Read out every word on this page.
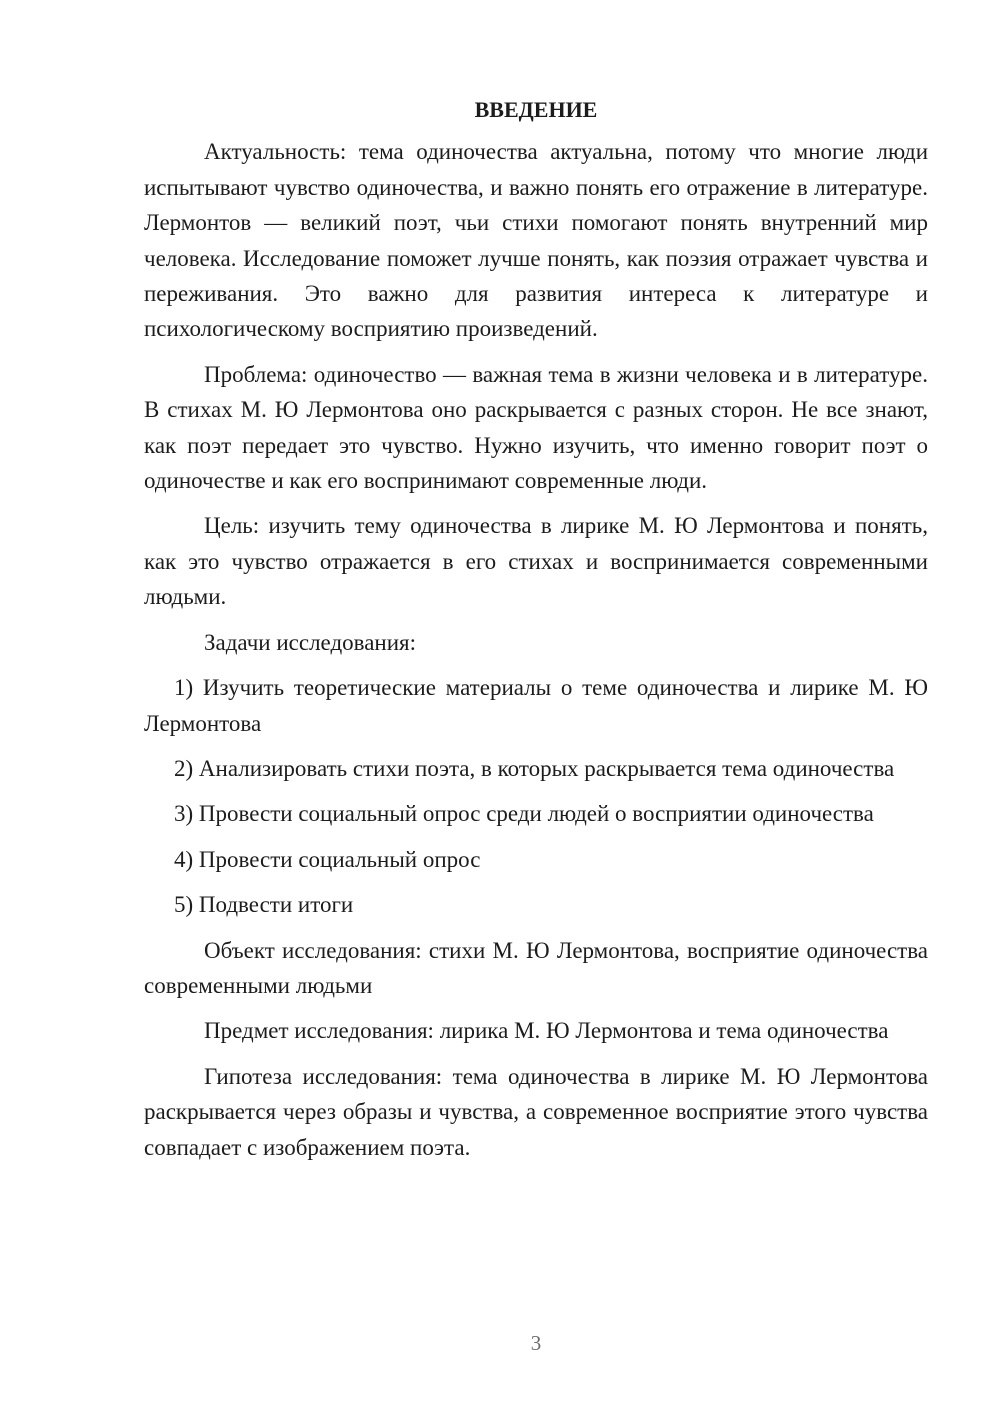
ВВЕДЕНИЕ

Актуальность: тема одиночества актуальна, потому что многие люди испытывают чувство одиночества, и важно понять его отражение в литературе. Лермонтов — великий поэт, чьи стихи помогают понять внутренний мир человека. Исследование поможет лучше понять, как поэзия отражает чувства и переживания. Это важно для развития интереса к литературе и психологическому восприятию произведений.

Проблема: одиночество — важная тема в жизни человека и в литературе. В стихах М. Ю Лермонтова оно раскрывается с разных сторон. Не все знают, как поэт передает это чувство. Нужно изучить, что именно говорит поэт о одиночестве и как его воспринимают современные люди.

Цель: изучить тему одиночества в лирике М. Ю Лермонтова и понять, как это чувство отражается в его стихах и воспринимается современными людьми.

Задачи исследования:

1) Изучить теоретические материалы о теме одиночества и лирике М. Ю Лермонтова

2) Анализировать стихи поэта, в которых раскрывается тема одиночества

3) Провести социальный опрос среди людей о восприятии одиночества

4) Провести социальный опрос

5) Подвести итоги

Объект исследования: стихи М. Ю Лермонтова, восприятие одиночества современными людьми

Предмет исследования: лирика М. Ю Лермонтова и тема одиночества

Гипотеза исследования: тема одиночества в лирике М. Ю Лермонтова раскрывается через образы и чувства, а современное восприятие этого чувства совпадает с изображением поэта.

3
